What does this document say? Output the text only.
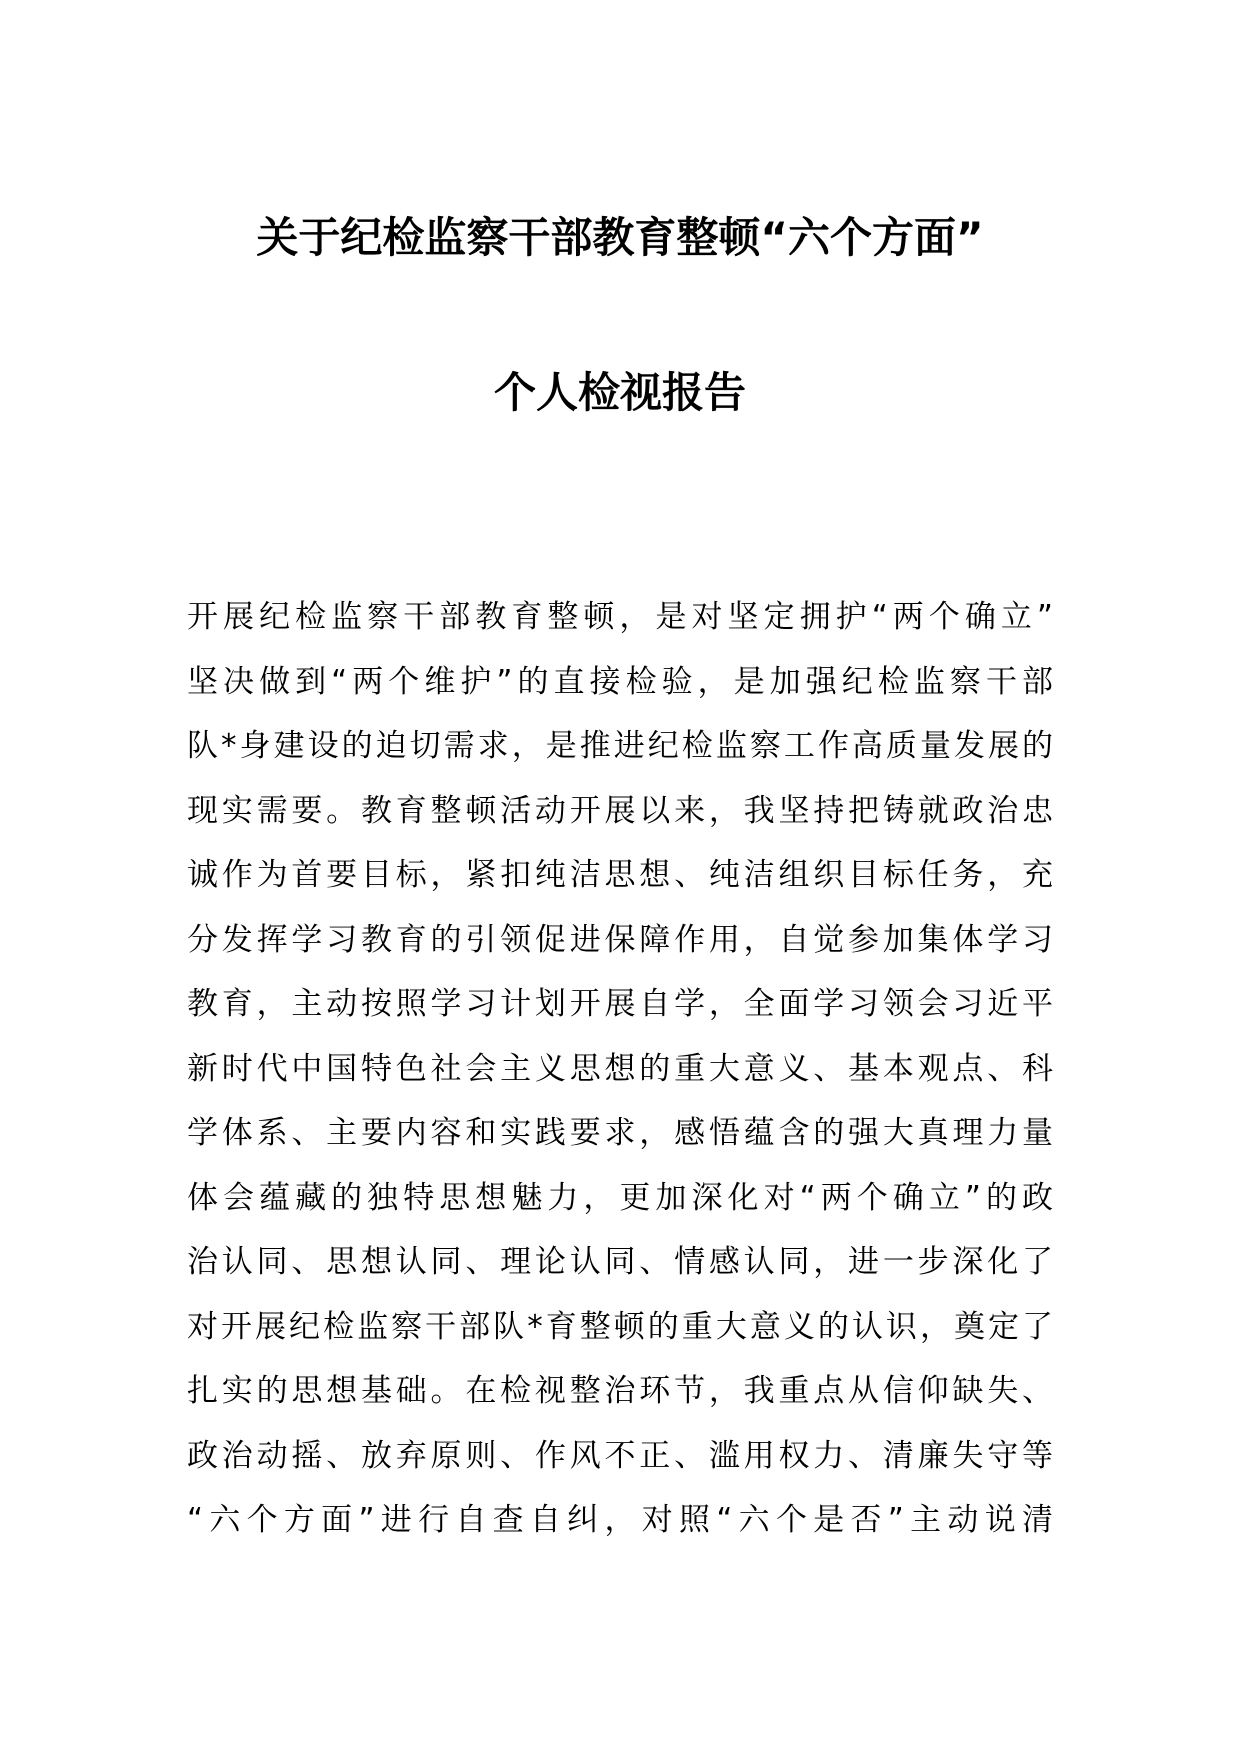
关于纪检监察干部教育整顿“六个方面”
个人检视报告
开展纪检监察干部教育整顿，是对坚定拥护“两个确立”
坚决做到“两个维护”的直接检验，是加强纪检监察干部
队*身建设的迫切需求，是推进纪检监察工作高质量发展的
现实需要。教育整顿活动开展以来，我坚持把铸就政治忠
诚作为首要目标，紧扣纯洁思想、纯洁组织目标任务，充
分发挥学习教育的引领促进保障作用，自觉参加集体学习
教育，主动按照学习计划开展自学，全面学习领会习近平
新时代中国特色社会主义思想的重大意义、基本观点、科
学体系、主要内容和实践要求，感悟蕴含的强大真理力量
体会蕴藏的独特思想魅力，更加深化对“两个确立”的政
治认同、思想认同、理论认同、情感认同，进一步深化了
对开展纪检监察干部队*育整顿的重大意义的认识，奠定了
扎实的思想基础。在检视整治环节，我重点从信仰缺失、
政治动摇、放弃原则、作风不正、滥用权力、清廉失守等
“六个方面”进行自查自纠，对照“六个是否”主动说清
